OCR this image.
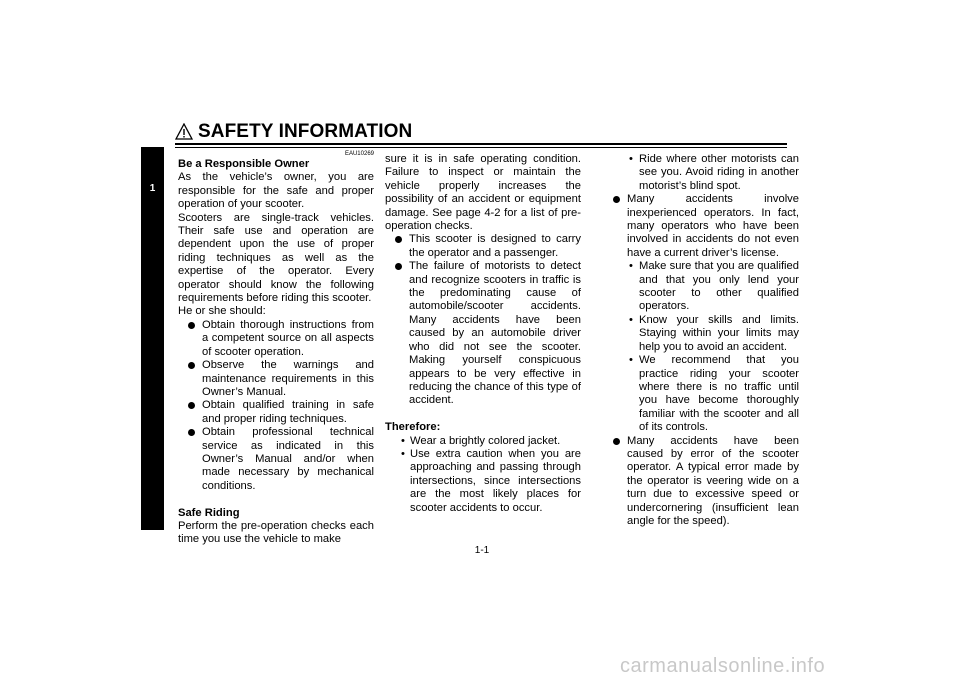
1
SAFETY INFORMATION
EAU10269

Be a Responsible Owner

As the vehicle’s owner, you are responsible for the safe and proper operation of your scooter.

Scooters are single-track vehicles. Their safe use and operation are dependent upon the use of proper riding techniques as well as the expertise of the operator. Every operator should know the following requirements before riding this scooter.

He or she should:

Obtain thorough instructions from a competent source on all aspects of scooter operation.
Observe the warnings and maintenance requirements in this Owner’s Manual.
Obtain qualified training in safe and proper riding techniques.
Obtain professional technical service as indicated in this Owner’s Manual and/or when made necessary by mechanical conditions.

Safe Riding

Perform the pre-operation checks each time you use the vehicle to make

sure it is in safe operating condition. Failure to inspect or maintain the vehicle properly increases the possibility of an accident or equipment damage. See page 4-2 for a list of pre-operation checks.

This scooter is designed to carry the operator and a passenger.
The failure of motorists to detect and recognize scooters in traffic is the predominating cause of automobile/scooter accidents. Many accidents have been caused by an automobile driver who did not see the scooter. Making yourself conspicuous appears to be very effective in reducing the chance of this type of accident.

Therefore:

• Wear a brightly colored jacket.
• Use extra caution when you are approaching and passing through intersections, since intersections are the most likely places for scooter accidents to occur.
• Ride where other motorists can see you. Avoid riding in another motorist’s blind spot.
Many accidents involve inexperienced operators. In fact, many operators who have been involved in accidents do not even have a current driver’s license.
• Make sure that you are qualified and that you only lend your scooter to other qualified operators.
• Know your skills and limits. Staying within your limits may help you to avoid an accident.
• We recommend that you practice riding your scooter where there is no traffic until you have become thoroughly familiar with the scooter and all of its controls.
Many accidents have been caused by error of the scooter operator. A typical error made by the operator is veering wide on a turn due to excessive speed or undercornering (insufficient lean angle for the speed).
1-1
carmanualsonline.info
